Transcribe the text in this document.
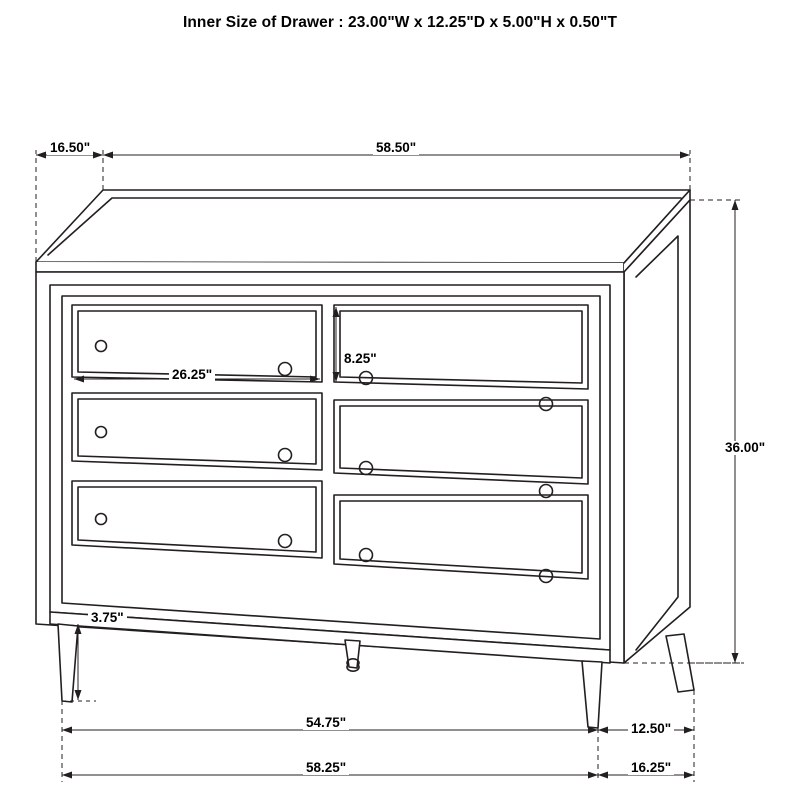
Inner Size of Drawer : 23.00"W x 12.25"D x 5.00"H x 0.50"T
16.50"	58.50"
26.25"
8.25"
36.00"
3.75"
54.75"	12.50"
58.25"	16.25"
